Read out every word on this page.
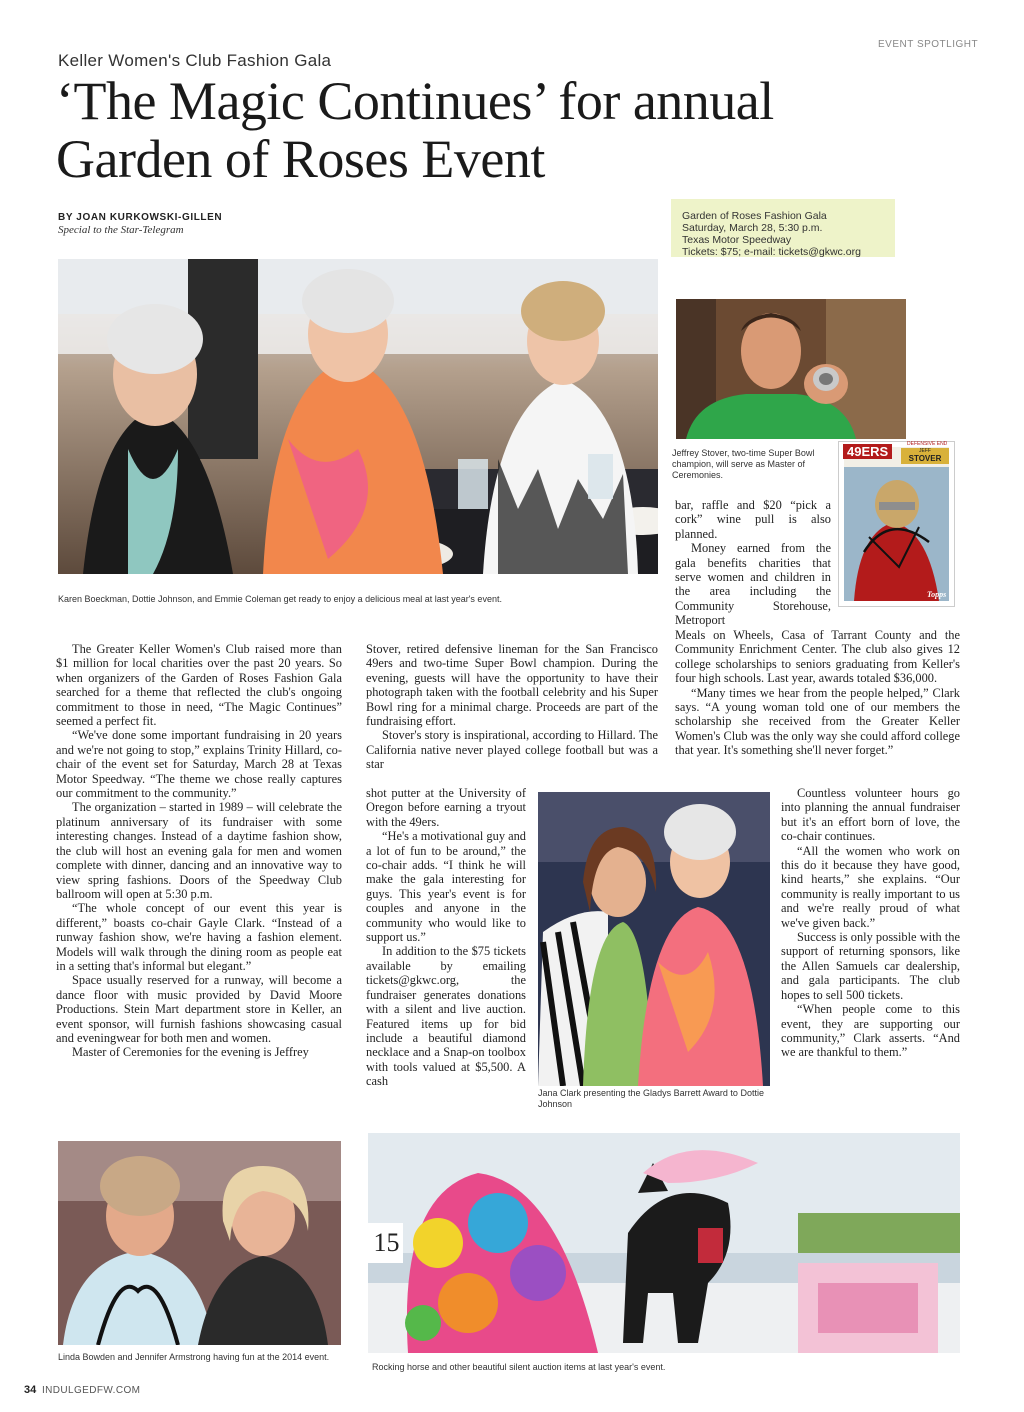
EVENT SPOTLIGHT
Keller Women's Club Fashion Gala
‘The Magic Continues’ for annual
Garden of Roses Event
BY JOAN KURKOWSKI-GILLEN
Special to the Star-Telegram
Garden of Roses Fashion Gala
Saturday, March 28, 5:30 p.m.
Texas Motor Speedway
Tickets: $75; e-mail: tickets@gkwc.org
Karen Boeckman, Dottie Johnson, and Emmie Coleman get ready to enjoy a delicious meal at last year's event.
Jeffrey Stover, two-time Super Bowl champion, will serve as Master of Ceremonies.
49ERS	DEFENSIVE END
JEFF
STOVER
Topps

The Greater Keller Women's Club raised more than $1 million for local charities over the past 20 years. So when organizers of the Garden of Roses Fashion Gala searched for a theme that reflected the club's ongoing commitment to those in need, “The Magic Continues” seemed a perfect fit.

“We've done some important fundraising in 20 years and we're not going to stop,” explains Trinity Hillard, co-chair of the event set for Saturday, March 28 at Texas Motor Speedway. “The theme we chose really captures our commitment to the community.”

The organization – started in 1989 – will celebrate the platinum anniversary of its fundraiser with some interesting changes. Instead of a daytime fashion show, the club will host an evening gala for men and women complete with dinner, dancing and an innovative way to view spring fashions. Doors of the Speedway Club ballroom will open at 5:30 p.m.

“The whole concept of our event this year is different,” boasts co-chair Gayle Clark. “Instead of a runway fashion show, we're having a fashion element. Models will walk through the dining room as people eat in a setting that's informal but elegant.”

Space usually reserved for a runway, will become a dance floor with music provided by David Moore Productions. Stein Mart department store in Keller, an event sponsor, will furnish fashions showcasing casual and eveningwear for both men and women.

Master of Ceremonies for the evening is Jeffrey

Stover, retired defensive lineman for the San Francisco 49ers and two-time Super Bowl champion. During the evening, guests will have the opportunity to have their photograph taken with the football celebrity and his Super Bowl ring for a minimal charge. Proceeds are part of the fundraising effort.

Stover's story is inspirational, according to Hillard. The California native never played college football but was a star

shot putter at the University of Oregon before earning a tryout with the 49ers.

“He's a motivational guy and a lot of fun to be around,” the co-chair adds. “I think he will make the gala interesting for guys. This year's event is for couples and anyone in the community who would like to support us.”

In addition to the $75 tickets available by emailing tickets@gkwc.org, the fundraiser generates donations with a silent and live auction. Featured items up for bid include a beautiful diamond necklace and a Snap-on toolbox with tools valued at $5,500. A cash

Jana Clark presenting the Gladys Barrett Award to Dottie Johnson

bar, raffle and $20 “pick a cork” wine pull is also planned.

Money earned from the gala benefits charities that serve women and children in the area including the Community Storehouse, Metroport

Meals on Wheels, Casa of Tarrant County and the Community Enrichment Center. The club also gives 12 college scholarships to seniors graduating from Keller's four high schools. Last year, awards totaled $36,000.

“Many times we hear from the people helped,” Clark says. “A young woman told one of our members the scholarship she received from the Greater Keller Women's Club was the only way she could afford college that year. It's something she'll never forget.”

Countless volunteer hours go into planning the annual fundraiser but it's an effort born of love, the co-chair continues.

“All the women who work on this do it because they have good, kind hearts,” she explains. “Our community is really important to us and we're really proud of what we've given back.”

Success is only possible with the support of returning sponsors, like the Allen Samuels car dealership, and gala participants. The club hopes to sell 500 tickets.

“When people come to this event, they are supporting our community,” Clark asserts. “And we are thankful to them.”

Linda Bowden and Jennifer Armstrong having fun at the 2014 event.
15
Rocking horse and other beautiful silent auction items at last year's event.
34 INDULGEDFW.COM
